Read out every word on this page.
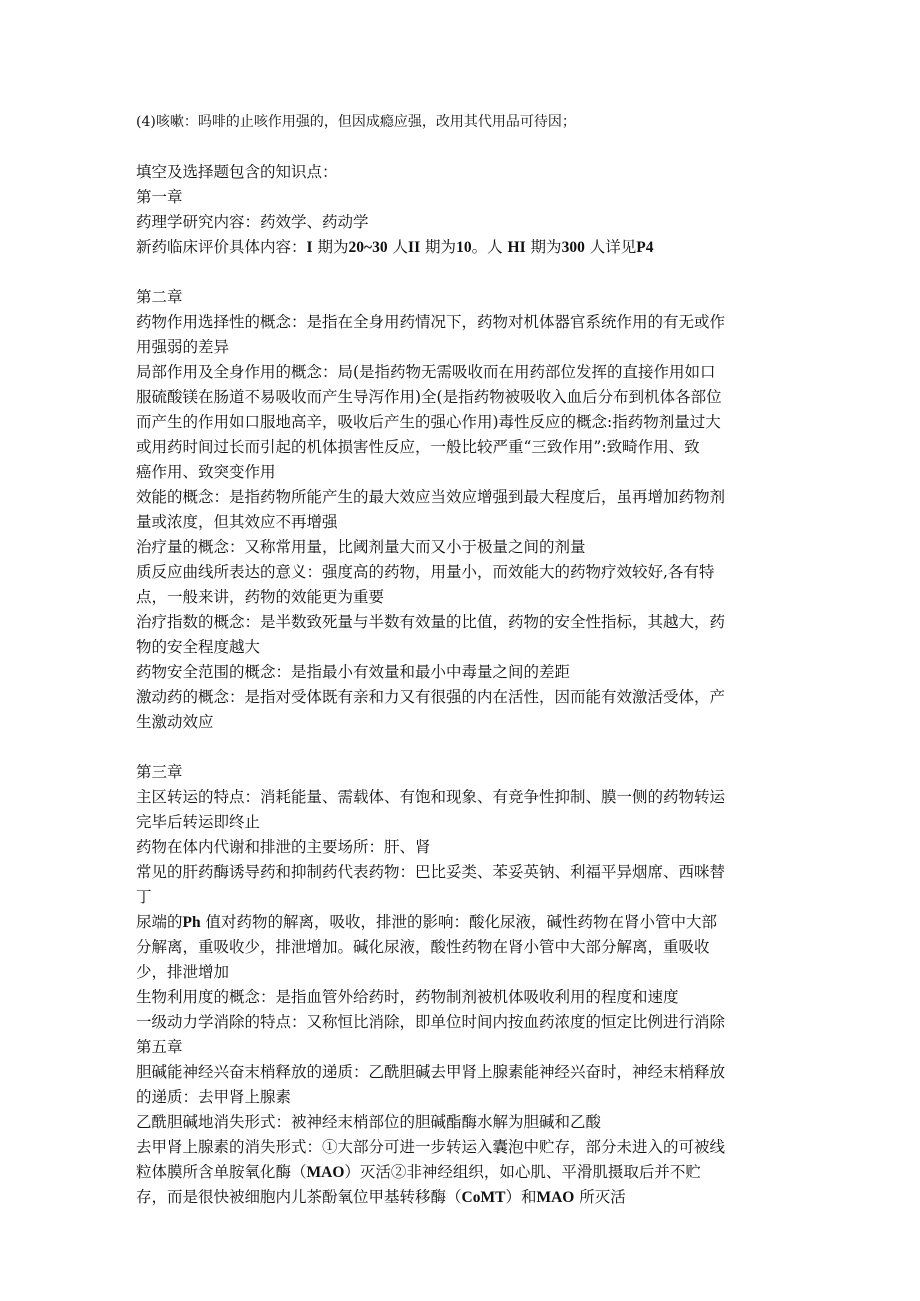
(4)咳嗽：吗啡的止咳作用强的，但因成瘾应强，改用其代用品可待因；
填空及选择题包含的知识点：
第一章
药理学研究内容：药效学、药动学
新药临床评价具体内容：I 期为20~30 人II 期为10。人 HI 期为300 人详见P4
第二章
药物作用选择性的概念：是指在全身用药情况下，药物对机体器官系统作用的有无或作
用强弱的差异
局部作用及全身作用的概念：局(是指药物无需吸收而在用药部位发挥的直接作用如口
服硫酸镁在肠道不易吸收而产生导泻作用)全(是指药物被吸收入血后分布到机体各部位
而产生的作用如口服地高辛，吸收后产生的强心作用)毒性反应的概念:指药物剂量过大
或用药时间过长而引起的机体损害性反应，一般比较严重“三致作用”:致畸作用、致
癌作用、致突变作用
效能的概念：是指药物所能产生的最大效应当效应增强到最大程度后，虽再增加药物剂
量或浓度，但其效应不再增强
治疗量的概念：又称常用量，比阈剂量大而又小于极量之间的剂量
质反应曲线所表达的意义：强度高的药物，用量小，而效能大的药物疗效较好,各有特
点，一般来讲，药物的效能更为重要
治疗指数的概念：是半数致死量与半数有效量的比值，药物的安全性指标，其越大，药
物的安全程度越大
药物安全范围的概念：是指最小有效量和最小中毒量之间的差距
激动药的概念：是指对受体既有亲和力又有很强的内在活性，因而能有效激活受体，产
生激动效应
第三章
主区转运的特点：消耗能量、需载体、有饱和现象、有竞争性抑制、膜一侧的药物转运
完毕后转运即终止
药物在体内代谢和排泄的主要场所：肝、肾
常见的肝药酶诱导药和抑制药代表药物：巴比妥类、苯妥英钠、利福平异烟席、西咪替
丁
尿端的Ph 值对药物的解离，吸收，排泄的影响：酸化尿液，碱性药物在肾小管中大部
分解离，重吸收少，排泄增加。碱化尿液，酸性药物在肾小管中大部分解离，重吸收
少，排泄增加
生物利用度的概念：是指血管外给药时，药物制剂被机体吸收利用的程度和速度
一级动力学消除的特点：又称恒比消除，即单位时间内按血药浓度的恒定比例进行消除
第五章
胆碱能神经兴奋末梢释放的递质：乙酰胆碱去甲肾上腺素能神经兴奋时，神经末梢释放
的递质：去甲肾上腺素
乙酰胆碱地消失形式：被神经末梢部位的胆碱酯酶水解为胆碱和乙酸
去甲肾上腺素的消失形式：①大部分可进一步转运入囊泡中贮存，部分未进入的可被线
粒体膜所含单胺氧化酶（MAO）灭活②非神经组织，如心肌、平滑肌摄取后并不贮
存，而是很快被细胞内儿茶酚氧位甲基转移酶（CoMT）和MAO 所灭活
